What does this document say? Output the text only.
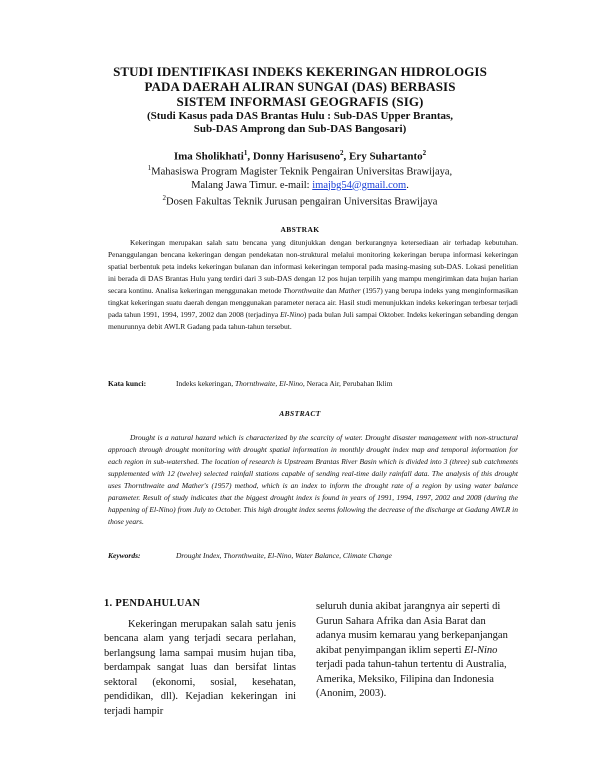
STUDI IDENTIFIKASI INDEKS KEKERINGAN HIDROLOGIS
PADA DAERAH ALIRAN SUNGAI (DAS) BERBASIS
SISTEM INFORMASI GEOGRAFIS (SIG)
(Studi Kasus pada DAS Brantas Hulu : Sub-DAS Upper Brantas,
Sub-DAS Amprong dan Sub-DAS Bangosari)
Ima Sholikhati$^1$, Donny Harisuseno$^2$, Ery Suhartanto$^2$
$^1$Mahasiswa Program Magister Teknik Pengairan Universitas Brawijaya,
Malang Jawa Timur. e-mail: imajbg54@gmail.com.
$^2$Dosen Fakultas Teknik Jurusan pengairan Universitas Brawijaya
ABSTRAK

Kekeringan merupakan salah satu bencana yang ditunjukkan dengan berkurangnya ketersediaan air terhadap kebutuhan. Penanggulangan bencana kekeringan dengan pendekatan non-struktural melalui monitoring kekeringan berupa informasi kekeringan spatial berbentuk peta indeks kekeringan bulanan dan informasi kekeringan temporal pada masing-masing sub-DAS. Lokasi penelitian ini berada di DAS Brantas Hulu yang terdiri dari 3 sub-DAS dengan 12 pos hujan terpilih yang mampu mengirimkan data hujan harian secara kontinu. Analisa kekeringan menggunakan metode Thornthwaite dan Mather (1957) yang berupa indeks yang menginformasikan tingkat kekeringan suatu daerah dengan menggunakan parameter neraca air. Hasil studi menunjukkan indeks kekeringan terbesar terjadi pada tahun 1991, 1994, 1997, 2002 dan 2008 (terjadinya El-Nino) pada bulan Juli sampai Oktober. Indeks kekeringan sebanding dengan menurunnya debit AWLR Gadang pada tahun-tahun tersebut.

Kata kunci:	Indeks kekeringan, Thornthwaite, El-Nino, Neraca Air, Perubahan Iklim
ABSTRACT

Drought is a natural hazard which is characterized by the scarcity of water. Drought disaster management with non-structural approach through drought monitoring with drought spatial information in monthly drought index map and temporal information for each region in sub-watershed. The location of research is Upstream Brantas River Basin which is divided into 3 (three) sub catchments supplemented with 12 (twelve) selected rainfall stations capable of sending real-time daily rainfall data. The analysis of this drought uses Thornthwaite and Mather's (1957) method, which is an index to inform the drought rate of a region by using water balance parameter. Result of study indicates that the biggest drought index is found in years of 1991, 1994, 1997, 2002 and 2008 (during the happening of El-Nino) from July to October. This high drought index seems following the decrease of the discharge at Gadang AWLR in those years.

Keywords:	Drought Index, Thornthwaite, El-Nino, Water Balance, Climate Change
1. PENDAHULUAN

Kekeringan merupakan salah satu jenis bencana alam yang terjadi secara perlahan, berlangsung lama sampai musim hujan tiba, berdampak sangat luas dan bersifat lintas sektoral (ekonomi, sosial, kesehatan, pendidikan, dll). Kejadian kekeringan ini terjadi hampir

seluruh dunia akibat jarangnya air seperti di Gurun Sahara Afrika dan Asia Barat dan adanya musim kemarau yang berkepanjangan akibat penyimpangan iklim seperti El-Nino terjadi pada tahun-tahun tertentu di Australia, Amerika, Meksiko, Filipina dan Indonesia (Anonim, 2003).
